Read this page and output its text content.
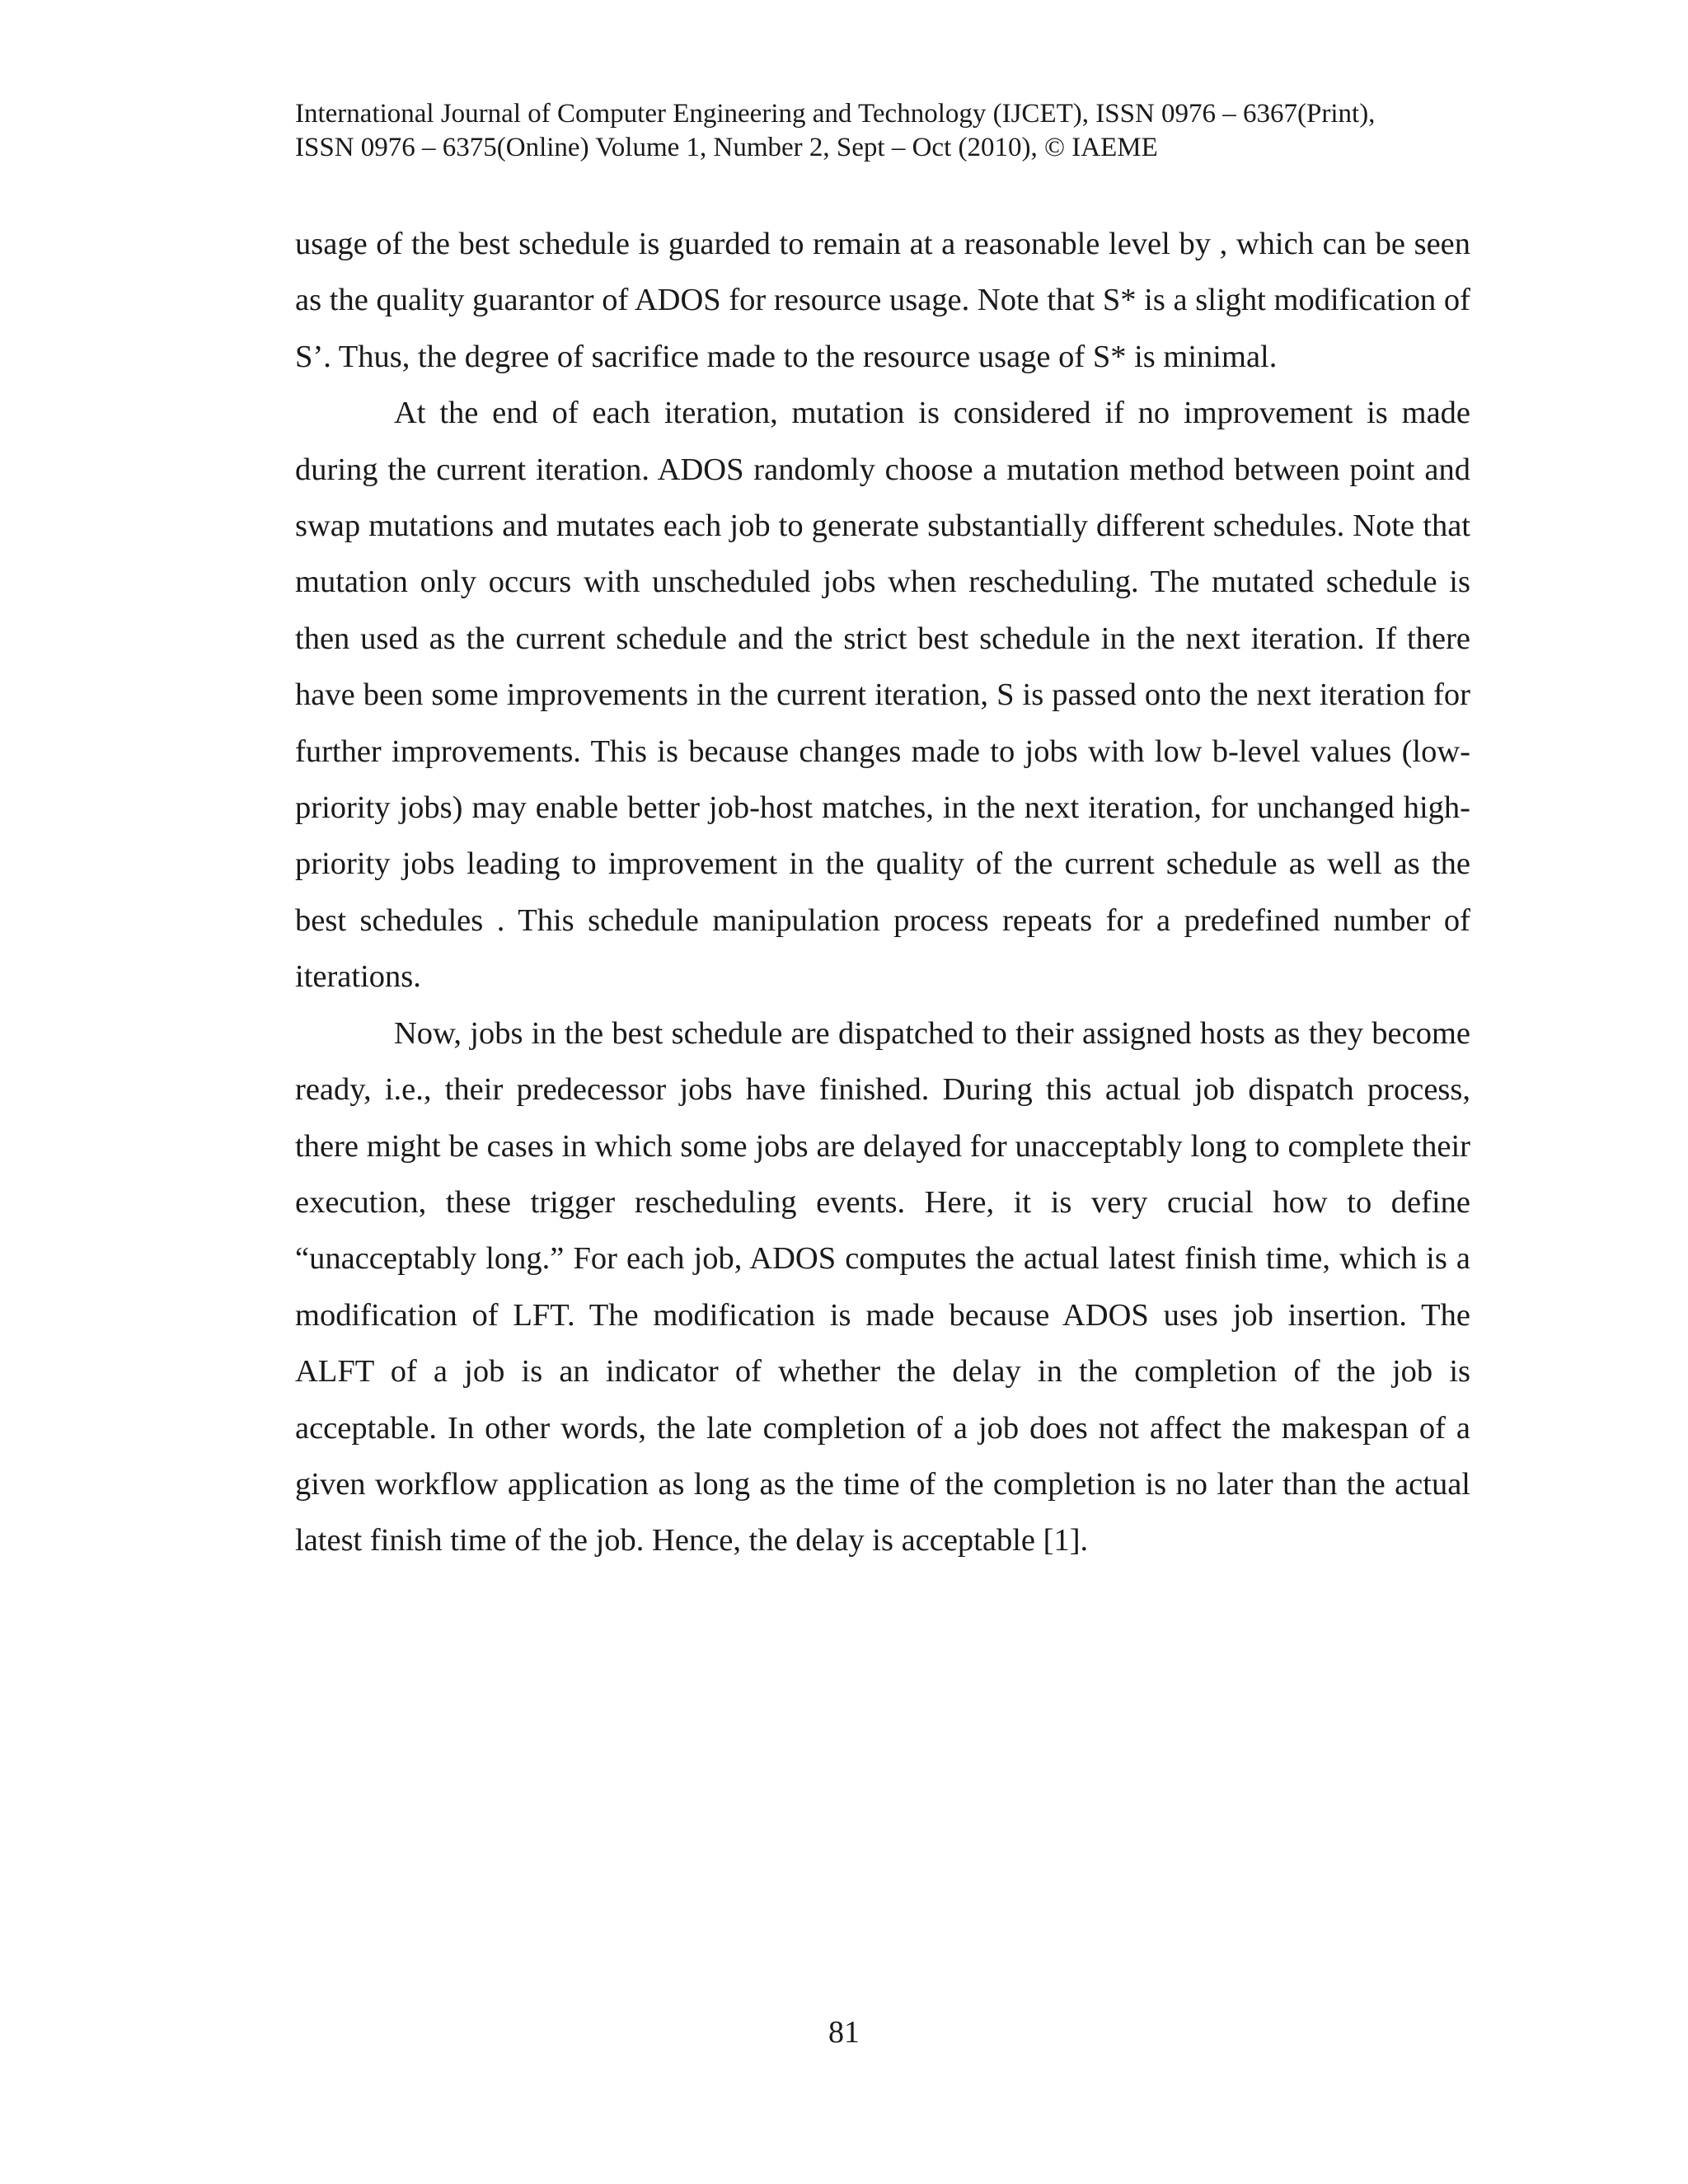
International Journal of Computer Engineering and Technology (IJCET), ISSN 0976 – 6367(Print),
ISSN 0976 – 6375(Online) Volume 1, Number 2, Sept – Oct (2010), © IAEME

usage of the best schedule is guarded to remain at a reasonable level by , which can be seen as the quality guarantor of ADOS for resource usage. Note that S* is a slight modification of S’. Thus, the degree of sacrifice made to the resource usage of S* is minimal.

At the end of each iteration, mutation is considered if no improvement is made during the current iteration. ADOS randomly choose a mutation method between point and swap mutations and mutates each job to generate substantially different schedules. Note that mutation only occurs with unscheduled jobs when rescheduling. The mutated schedule is then used as the current schedule and the strict best schedule in the next iteration. If there have been some improvements in the current iteration, S is passed onto the next iteration for further improvements. This is because changes made to jobs with low b-level values (low-priority jobs) may enable better job-host matches, in the next iteration, for unchanged high-priority jobs leading to improvement in the quality of the current schedule as well as the best schedules . This schedule manipulation process repeats for a predefined number of iterations.

Now, jobs in the best schedule are dispatched to their assigned hosts as they become ready, i.e., their predecessor jobs have finished. During this actual job dispatch process, there might be cases in which some jobs are delayed for unacceptably long to complete their execution, these trigger rescheduling events. Here, it is very crucial how to define “unacceptably long.” For each job, ADOS computes the actual latest finish time, which is a modification of LFT. The modification is made because ADOS uses job insertion. The ALFT of a job is an indicator of whether the delay in the completion of the job is acceptable. In other words, the late completion of a job does not affect the makespan of a given workflow application as long as the time of the completion is no later than the actual latest finish time of the job. Hence, the delay is acceptable [1].

81
